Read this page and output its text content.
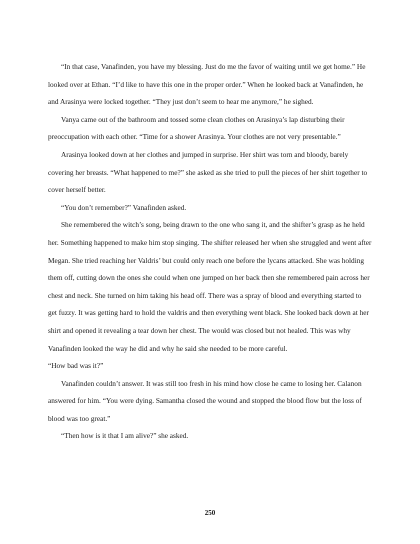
“In that case, Vanafinden, you have my blessing. Just do me the favor of waiting until we get home.” He looked over at Ethan. “I’d like to have this one in the proper order.” When he looked back at Vanafinden, he and Arasinya were locked together. “They just don’t seem to hear me anymore,” he sighed.

Vanya came out of the bathroom and tossed some clean clothes on Arasinya’s lap disturbing their preoccupation with each other. “Time for a shower Arasinya. Your clothes are not very presentable.”

Arasinya looked down at her clothes and jumped in surprise. Her shirt was torn and bloody, barely covering her breasts. “What happened to me?” she asked as she tried to pull the pieces of her shirt together to cover herself better.

“You don’t remember?” Vanafinden asked.

She remembered the witch’s song, being drawn to the one who sang it, and the shifter’s grasp as he held her. Something happened to make him stop singing. The shifter released her when she struggled and went after Megan. She tried reaching her Valdris’ but could only reach one before the lycans attacked. She was holding them off, cutting down the ones she could when one jumped on her back then she remembered pain across her chest and neck. She turned on him taking his head off. There was a spray of blood and everything started to get fuzzy. It was getting hard to hold the valdris and then everything went black. She looked back down at her shirt and opened it revealing a tear down her chest. The would was closed but not healed. This was why Vanafinden looked the way he did and why he said she needed to be more careful.

“How bad was it?”

Vanafinden couldn’t answer. It was still too fresh in his mind how close he came to losing her. Calanon answered for him. “You were dying. Samantha closed the wound and stopped the blood flow but the loss of blood was too great.”

“Then how is it that I am alive?” she asked.

250
